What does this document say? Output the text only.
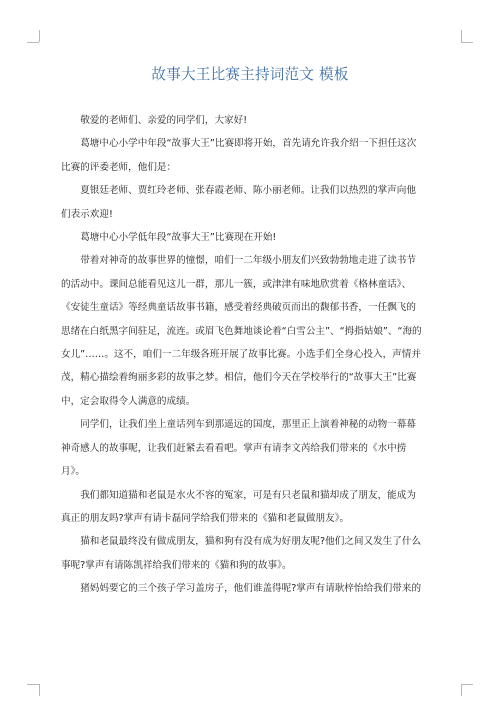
故事大王比赛主持词范文 模板

敬爱的老师们、亲爱的同学们，大家好!

葛塘中心小学中年段“故事大王”比赛即将开始，首先请允许我介绍一下担任这次
比赛的评委老师，他们是：

夏银廷老师、贾红玲老师、张春霞老师、陈小丽老师。让我们以热烈的掌声向他
们表示欢迎!

葛塘中心小学低年段“故事大王”比赛现在开始!

带着对神奇的故事世界的憧憬，咱们一二年级小朋友们兴致勃勃地走进了读书节
的活动中。课间总能看见这儿一群，那儿一簇，或津津有味地欣赏着《格林童话》、
《安徒生童话》等经典童话故事书籍，感受着经典破页而出的馥郁书香，一任飘飞的
思绪在白纸黑字间驻足，流连。或眉飞色舞地谈论着“白雪公主”、“拇指姑娘”、“海的
女儿”……。这不，咱们一二年级各班开展了故事比赛。小选手们全身心投入，声情并
茂，精心描绘着绚丽多彩的故事之梦。相信，他们今天在学校举行的“故事大王”比赛
中，定会取得令人满意的成绩。

同学们，让我们坐上童话列车到那遥远的国度，那里正上演着神秘的动物一幕幕
神奇感人的故事呢，让我们赶紧去看看吧。掌声有请李文芮给我们带来的《水中捞
月》。

我们都知道猫和老鼠是水火不容的冤家，可是有只老鼠和猫却成了朋友，能成为
真正的朋友吗?掌声有请卡磊同学给我们带来的《猫和老鼠做朋友》。

猫和老鼠最终没有做成朋友，猫和狗有没有成为好朋友呢?他们之间又发生了什么
事呢?掌声有请陈凯祥给我们带来的《猫和狗的故事》。

猪妈妈要它的三个孩子学习盖房子，他们谁盖得呢?掌声有请耿梓怡给我们带来的
